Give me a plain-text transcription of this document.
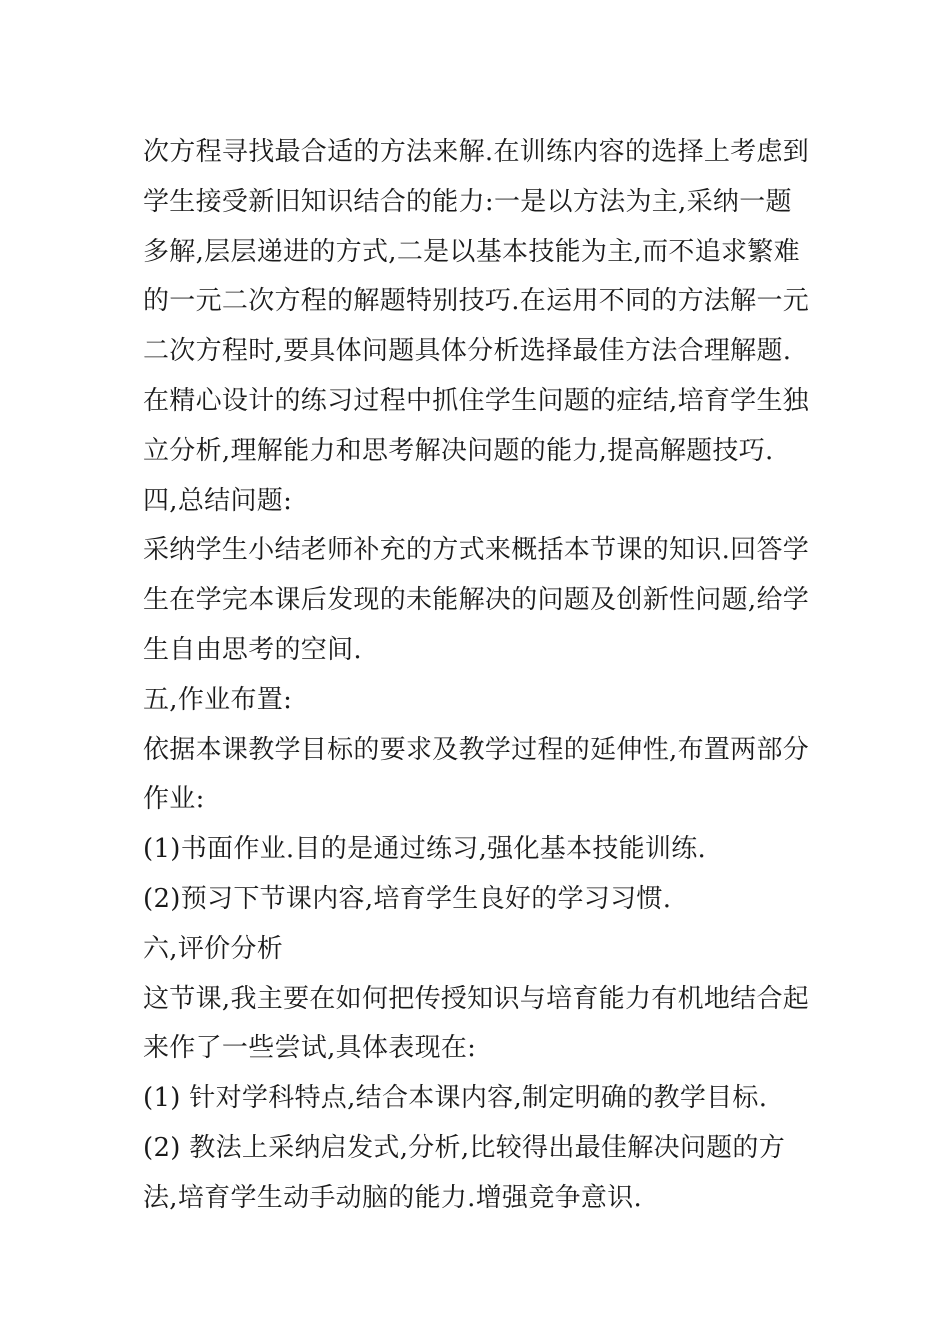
次方程寻找最合适的方法来解.在训练内容的选择上考虑到
学生接受新旧知识结合的能力:一是以方法为主,采纳一题
多解,层层递进的方式,二是以基本技能为主,而不追求繁难
的一元二次方程的解题特别技巧.在运用不同的方法解一元
二次方程时,要具体问题具体分析选择最佳方法合理解题.
在精心设计的练习过程中抓住学生问题的症结,培育学生独
立分析,理解能力和思考解决问题的能力,提高解题技巧.
四,总结问题:
采纳学生小结老师补充的方式来概括本节课的知识.回答学
生在学完本课后发现的未能解决的问题及创新性问题,给学
生自由思考的空间.
五,作业布置:
依据本课教学目标的要求及教学过程的延伸性,布置两部分
作业:
(1)书面作业.目的是通过练习,强化基本技能训练.
(2)预习下节课内容,培育学生良好的学习习惯.
六,评价分析
这节课,我主要在如何把传授知识与培育能力有机地结合起
来作了一些尝试,具体表现在:
(1) 针对学科特点,结合本课内容,制定明确的教学目标.
(2) 教法上采纳启发式,分析,比较得出最佳解决问题的方
法,培育学生动手动脑的能力.增强竞争意识.
